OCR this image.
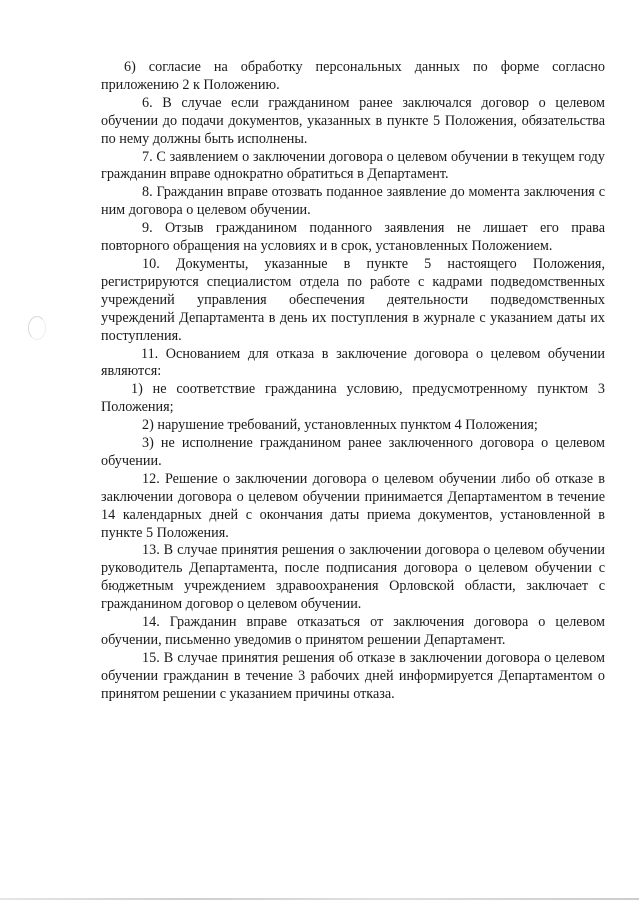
6) согласие на обработку персональных данных по форме согласно приложению 2 к Положению.

6. В случае если гражданином ранее заключался договор о целевом обучении до подачи документов, указанных в пункте 5 Положения, обязательства по нему должны быть исполнены.

7. С заявлением о заключении договора о целевом обучении в текущем году гражданин вправе однократно обратиться в Департамент.

8. Гражданин вправе отозвать поданное заявление до момента заключения с ним договора о целевом обучении.

9. Отзыв гражданином поданного заявления не лишает его права повторного обращения на условиях и в срок, установленных Положением.

10. Документы, указанные в пункте 5 настоящего Положения, регистрируются специалистом отдела по работе с кадрами подведомственных учреждений управления обеспечения деятельности подведомственных учреждений Департамента в день их поступления в журнале с указанием даты их поступления.

11. Основанием для отказа в заключение договора о целевом обучении являются:

1) не соответствие гражданина условию, предусмотренному пунктом 3 Положения;

2) нарушение требований, установленных пунктом 4 Положения;

3) не исполнение гражданином ранее заключенного договора о целевом обучении.

12. Решение о заключении договора о целевом обучении либо об отказе в заключении договора о целевом обучении принимается Департаментом в течение 14 календарных дней с окончания даты приема документов, установленной в пункте 5 Положения.

13. В случае принятия решения о заключении договора о целевом обучении руководитель Департамента, после подписания договора о целевом обучении с бюджетным учреждением здравоохранения Орловской области, заключает с гражданином договор о целевом обучении.

14. Гражданин вправе отказаться от заключения договора о целевом обучении, письменно уведомив о принятом решении Департамент.

15. В случае принятия решения об отказе в заключении договора о целевом обучении гражданин в течение 3 рабочих дней информируется Департаментом о принятом решении с указанием причины отказа.
